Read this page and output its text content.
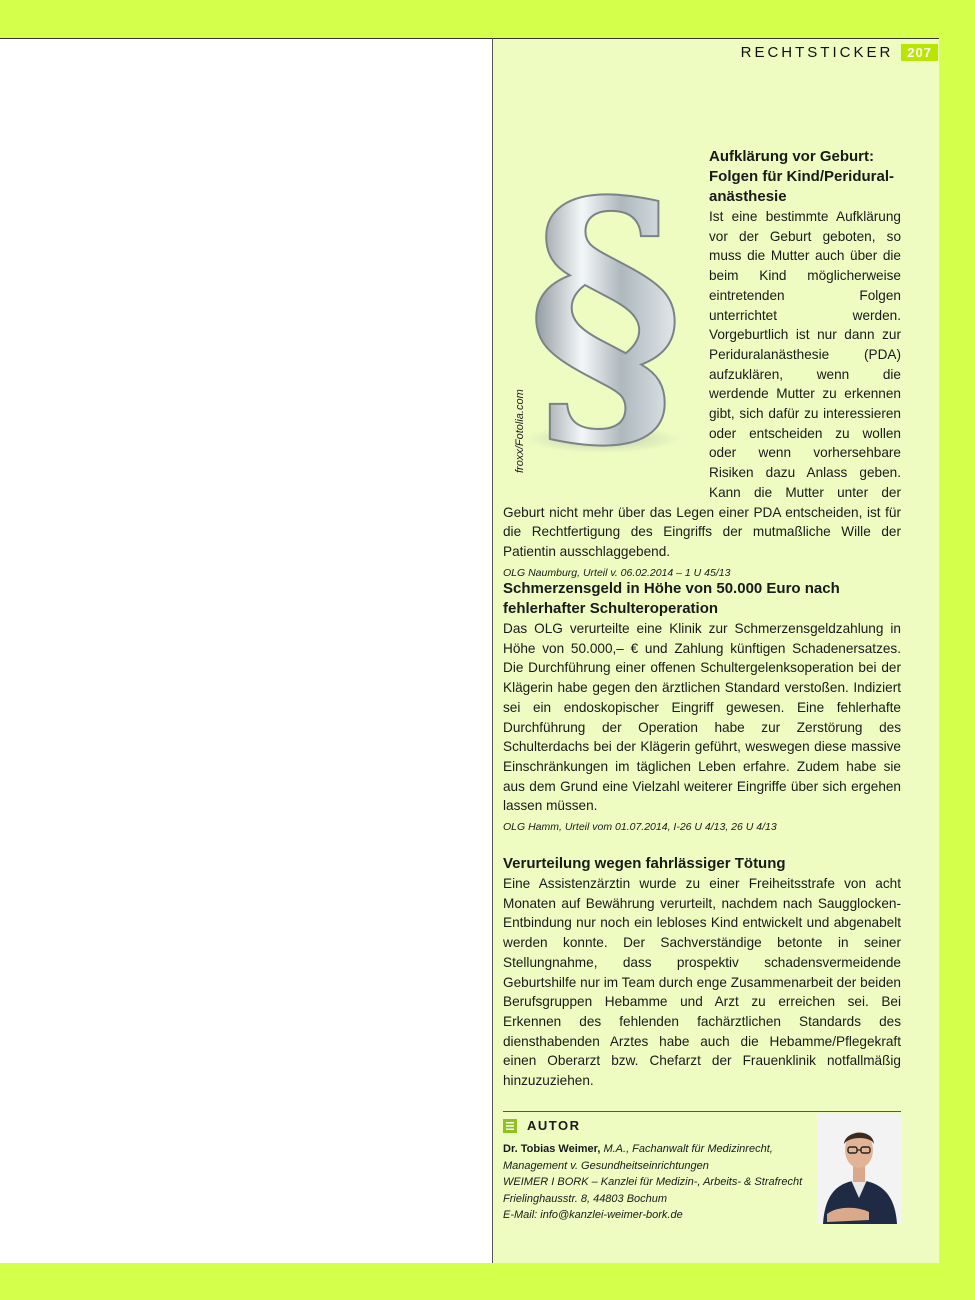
RECHTSTICKER	207
§
froxx/Fotolia.com
Aufklärung vor Geburt:
Folgen für Kind/Peridural-
anästhesie

Ist eine bestimmte Aufklärung vor der Geburt geboten, so muss die Mutter auch über die beim Kind möglicherweise eintretenden Folgen unterrichtet werden. Vorgeburtlich ist nur dann zur Periduralanästhesie (PDA) aufzuklären, wenn die werdende Mutter zu erkennen gibt, sich dafür zu interessieren oder entscheiden zu wollen oder wenn vorhersehbare Risiken dazu Anlass geben. Kann die Mutter unter der Geburt nicht mehr über das Legen einer PDA entscheiden, ist für die Rechtfertigung des Eingriffs der mutmaßliche Wille der Patientin ausschlaggebend.

OLG Naumburg, Urteil v. 06.02.2014 – 1 U 45/13
Schmerzensgeld in Höhe von 50.000 Euro nach fehlerhafter Schulteroperation

Das OLG verurteilte eine Klinik zur Schmerzensgeldzahlung in Höhe von 50.000,– € und Zahlung künftigen Schadenersatzes. Die Durchführung einer offenen Schultergelenksoperation bei der Klägerin habe gegen den ärztlichen Standard verstoßen. Indiziert sei ein endoskopischer Eingriff gewesen. Eine fehlerhafte Durchführung der Operation habe zur Zerstörung des Schulterdachs bei der Klägerin geführt, weswegen diese massive Einschränkungen im täglichen Leben erfahre. Zudem habe sie aus dem Grund eine Vielzahl weiterer Eingriffe über sich ergehen lassen müssen.

OLG Hamm, Urteil vom 01.07.2014, I-26 U 4/13, 26 U 4/13
Verurteilung wegen fahrlässiger Tötung

Eine Assistenzärztin wurde zu einer Freiheitsstrafe von acht Monaten auf Bewährung verurteilt, nachdem nach Saugglocken-Entbindung nur noch ein lebloses Kind entwickelt und abgenabelt werden konnte. Der Sachverständige betonte in seiner Stellungnahme, dass prospektiv schadensvermeidende Geburtshilfe nur im Team durch enge Zusammenarbeit der beiden Berufsgruppen Hebamme und Arzt zu erreichen sei. Bei Erkennen des fehlenden fachärztlichen Standards des diensthabenden Arztes habe auch die Hebamme/Pflegekraft einen Oberarzt bzw. Chefarzt der Frauenklinik notfallmäßig hinzuzuziehen.

AUTOR
Dr. Tobias Weimer, M.A., Fachanwalt für Medizinrecht,
Management v. Gesundheitseinrichtungen
WEIMER I BORK – Kanzlei für Medizin-, Arbeits- & Strafrecht
Frielinghausstr. 8, 44803 Bochum
E-Mail: info@kanzlei-weimer-bork.de
